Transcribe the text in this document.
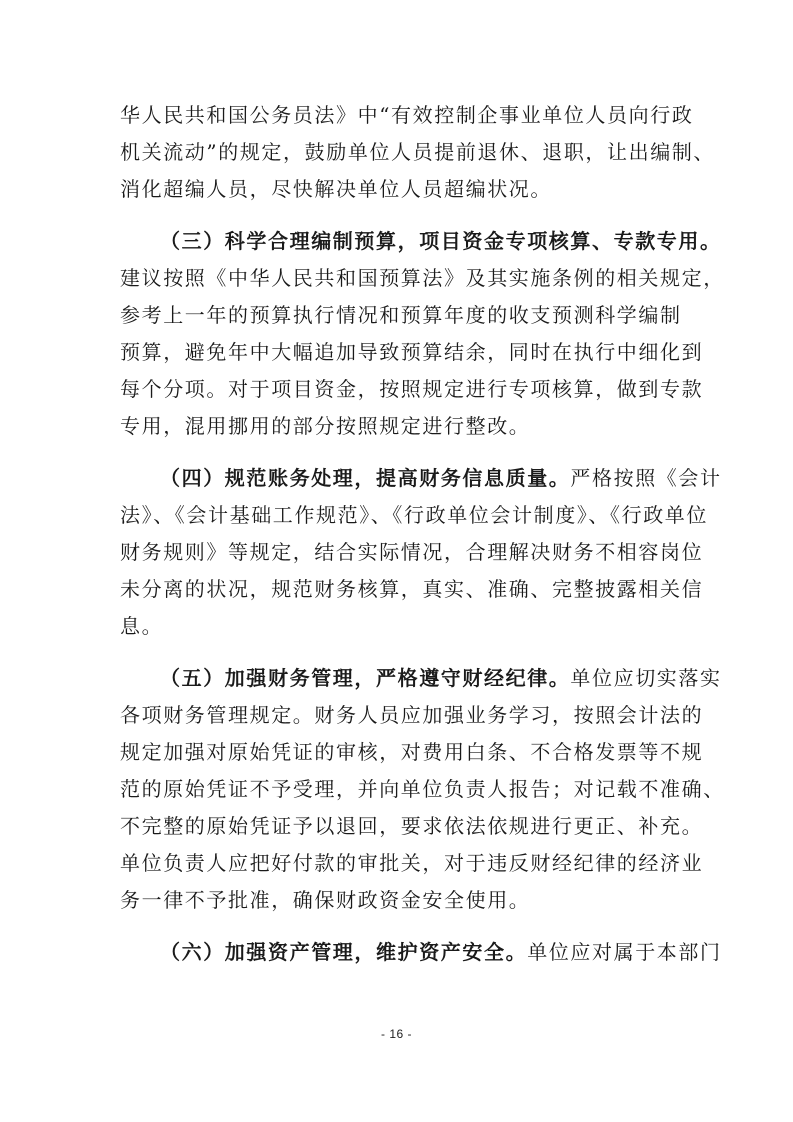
华人民共和国公务员法》中“有效控制企事业单位人员向行政
机关流动”的规定，鼓励单位人员提前退休、退职，让出编制、
消化超编人员，尽快解决单位人员超编状况。
（三）科学合理编制预算，项目资金专项核算、专款专用。
建议按照《中华人民共和国预算法》及其实施条例的相关规定，
参考上一年的预算执行情况和预算年度的收支预测科学编制
预算，避免年中大幅追加导致预算结余，同时在执行中细化到
每个分项。对于项目资金，按照规定进行专项核算，做到专款
专用，混用挪用的部分按照规定进行整改。
（四）规范账务处理，提高财务信息质量。严格按照《会计
法》、《会计基础工作规范》、《行政单位会计制度》、《行政单位
财务规则》等规定，结合实际情况，合理解决财务不相容岗位
未分离的状况，规范财务核算，真实、准确、完整披露相关信
息。
（五）加强财务管理，严格遵守财经纪律。单位应切实落实
各项财务管理规定。财务人员应加强业务学习，按照会计法的
规定加强对原始凭证的审核，对费用白条、不合格发票等不规
范的原始凭证不予受理，并向单位负责人报告；对记载不准确、
不完整的原始凭证予以退回，要求依法依规进行更正、补充。
单位负责人应把好付款的审批关，对于违反财经纪律的经济业
务一律不予批准，确保财政资金安全使用。
（六）加强资产管理，维护资产安全。单位应对属于本部门
- 16 -
